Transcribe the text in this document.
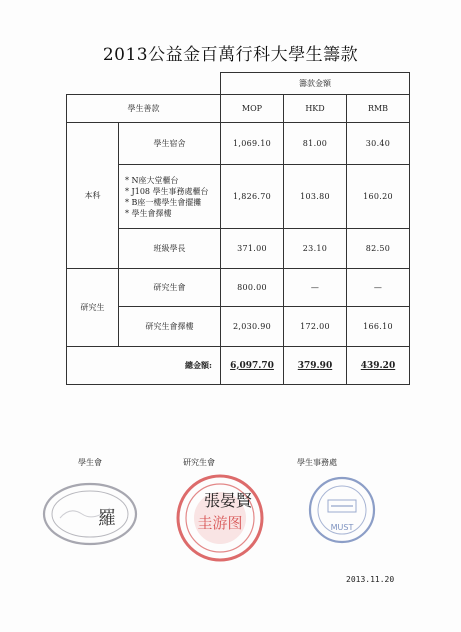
2013公益金百萬行科大學生籌款
		籌款金額		
學生善款		MOP	HKD	RMB
本科	學生宿舍	1,069.10	81.00	30.40

	* N座大堂櫃台
* J108 學生事務處櫃台
* B座一樓學生會擺攤
* 學生會擇樓	1,826.70	103.80	160.20
	班級學長	371.00	23.10	82.50
研究生	研究生會	800.00	—	—
	研究生會擇樓	2,030.90	172.00	166.10
總金額:		6,097.70	379.90	439.20
學生會	研究生會	學生事務處
羅	圭游图
張晏賢
MUST
2013.11.20
